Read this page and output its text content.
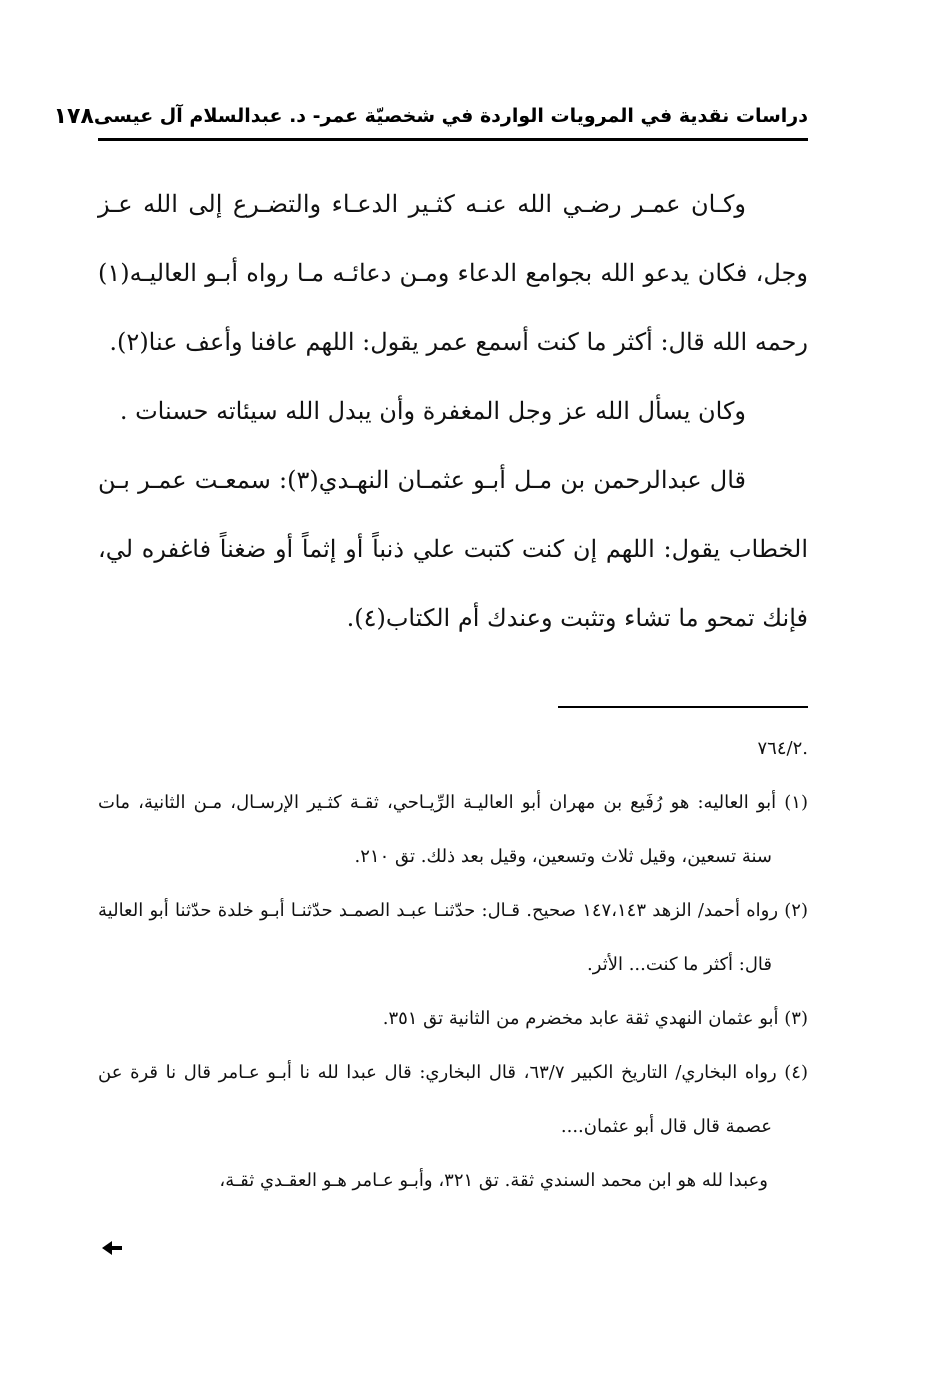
دراسات نقدية في المرويات الواردة في شخصيّة عمر- د. عبدالسلام آل عيسى
١٧٨

وكـان عمـر رضـي الله عنـه كثـير الدعـاء والتضـرع إلى الله عـز وجل، فكان يدعو الله بجوامع الدعاء ومـن دعائـه مـا رواه أبـو العاليـه(١) رحمه الله قال: أكثر ما كنت أسمع عمر يقول: اللهم عافنا وأعف عنا(٢).

وكان يسأل الله عز وجل المغفرة وأن يبدل الله سيئاته حسنات .

قال عبدالرحمن بن مـل أبـو عثمـان النهـدي(٣): سمعـت عمـر بـن الخطاب يقول: اللهم إن كنت كتبت علي ذنباً أو إثماً أو ضغناً فاغفره لي، فإنك تمحو ما تشاء وتثبت وعندك أم الكتاب(٤).

.٧٦٤/٢

(١) أبو العاليه: هو رُفَيع بن مهران أبو العاليـة الرِّيـاحي، ثقـة كثـير الإرسـال، مـن الثانية، مات سنة تسعين، وقيل ثلاث وتسعين، وقيل بعد ذلك. تق ٢١٠.

(٢) رواه أحمد/ الزهد ١٤٧،١٤٣ صحيح. قـال: حدّثنـا عبـد الصمـد حدّثنـا أبـو خلدة حدّثنا أبو العالية قال: أكثر ما كنت... الأثر.

(٣) أبو عثمان النهدي ثقة عابد مخضرم من الثانية تق ٣٥١.

(٤) رواه البخاري/ التاريخ الكبير ٦٣/٧، قال البخاري: قال عبدا لله نا أبـو عـامر قال نا قرة عن عصمة قال قال أبو عثمان....

وعبدا لله هو ابن محمد السندي ثقة. تق ٣٢١، وأبـو عـامر هـو العقـدي ثقـة،
